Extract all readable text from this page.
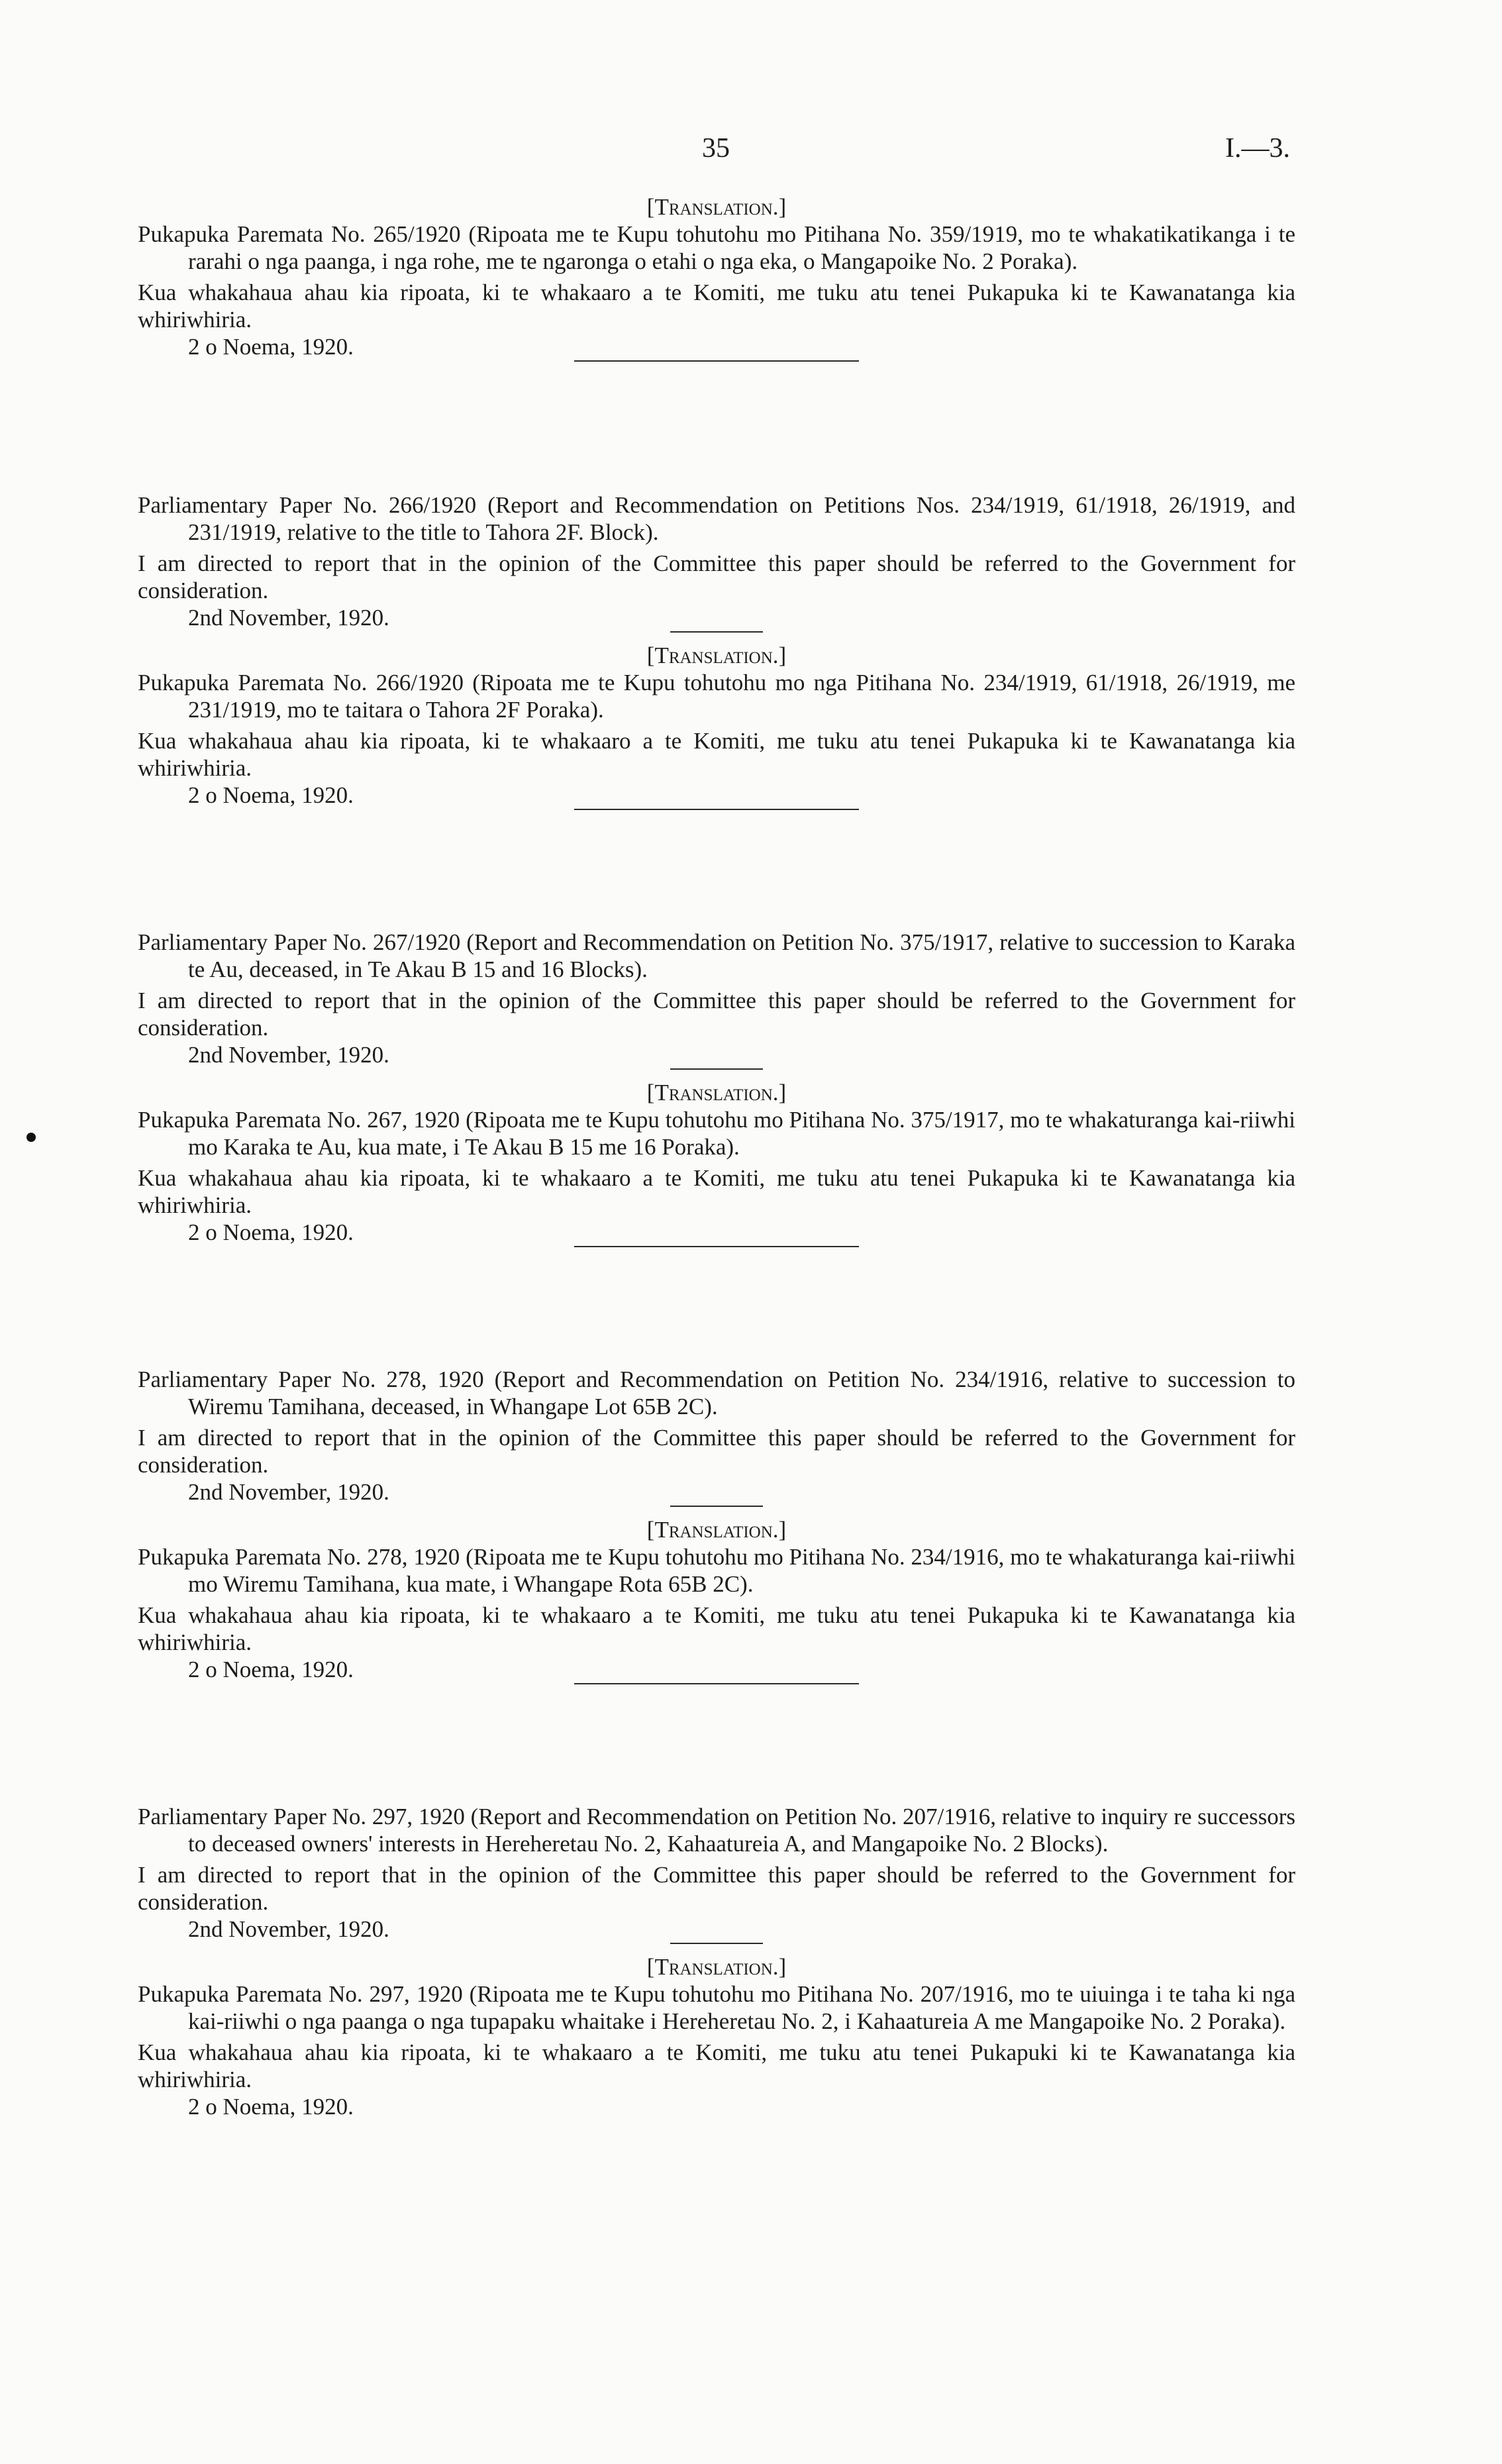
35	I.—3.
[Translation.]
Pukapuka Paremata No. 265/1920 (Ripoata me te Kupu tohutohu mo Pitihana No. 359/1919, mo te whakatikatikanga i te rarahi o nga paanga, i nga rohe, me te ngaronga o etahi o nga eka, o Mangapoike No. 2 Poraka).
Kua whakahaua ahau kia ripoata, ki te whakaaro a te Komiti, me tuku atu tenei Pukapuka ki te Kawanatanga kia whiriwhiria.
2 o Noema, 1920.
Parliamentary Paper No. 266/1920 (Report and Recommendation on Petitions Nos. 234/1919, 61/1918, 26/1919, and 231/1919, relative to the title to Tahora 2F. Block).
I am directed to report that in the opinion of the Committee this paper should be referred to the Government for consideration.
2nd November, 1920.
[Translation.]
Pukapuka Paremata No. 266/1920 (Ripoata me te Kupu tohutohu mo nga Pitihana No. 234/1919, 61/1918, 26/1919, me 231/1919, mo te taitara o Tahora 2F Poraka).
Kua whakahaua ahau kia ripoata, ki te whakaaro a te Komiti, me tuku atu tenei Pukapuka ki te Kawanatanga kia whiriwhiria.
2 o Noema, 1920.
Parliamentary Paper No. 267/1920 (Report and Recommendation on Petition No. 375/1917, relative to succession to Karaka te Au, deceased, in Te Akau B 15 and 16 Blocks).
I am directed to report that in the opinion of the Committee this paper should be referred to the Government for consideration.
2nd November, 1920.
[Translation.]
Pukapuka Paremata No. 267, 1920 (Ripoata me te Kupu tohutohu mo Pitihana No. 375/1917, mo te whakaturanga kai-riiwhi mo Karaka te Au, kua mate, i Te Akau B 15 me 16 Poraka).
Kua whakahaua ahau kia ripoata, ki te whakaaro a te Komiti, me tuku atu tenei Pukapuka ki te Kawanatanga kia whiriwhiria.
2 o Noema, 1920.
Parliamentary Paper No. 278, 1920 (Report and Recommendation on Petition No. 234/1916, relative to succession to Wiremu Tamihana, deceased, in Whangape Lot 65B 2C).
I am directed to report that in the opinion of the Committee this paper should be referred to the Government for consideration.
2nd November, 1920.
[Translation.]
Pukapuka Paremata No. 278, 1920 (Ripoata me te Kupu tohutohu mo Pitihana No. 234/1916, mo te whakaturanga kai-riiwhi mo Wiremu Tamihana, kua mate, i Whangape Rota 65B 2C).
Kua whakahaua ahau kia ripoata, ki te whakaaro a te Komiti, me tuku atu tenei Pukapuka ki te Kawanatanga kia whiriwhiria.
2 o Noema, 1920.
Parliamentary Paper No. 297, 1920 (Report and Recommendation on Petition No. 207/1916, relative to inquiry re successors to deceased owners' interests in Hereheretau No. 2, Kahaatureia A, and Mangapoike No. 2 Blocks).
I am directed to report that in the opinion of the Committee this paper should be referred to the Government for consideration.
2nd November, 1920.
[Translation.]
Pukapuka Paremata No. 297, 1920 (Ripoata me te Kupu tohutohu mo Pitihana No. 207/1916, mo te uiuinga i te taha ki nga kai-riiwhi o nga paanga o nga tupapaku whaitake i Hereheretau No. 2, i Kahaatureia A me Mangapoike No. 2 Poraka).
Kua whakahaua ahau kia ripoata, ki te whakaaro a te Komiti, me tuku atu tenei Pukapuki ki te Kawanatanga kia whiriwhiria.
2 o Noema, 1920.
